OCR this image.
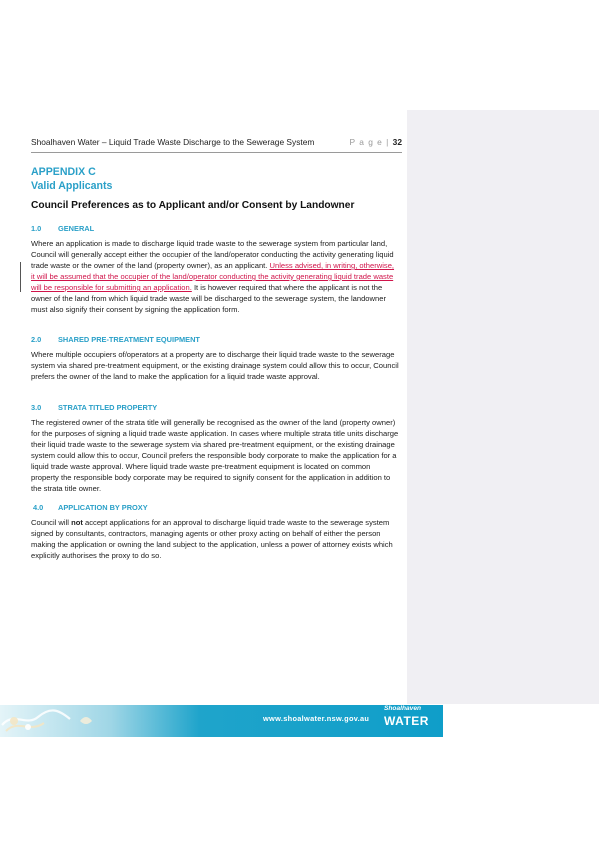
Shoalhaven Water – Liquid Trade Waste Discharge to the Sewerage System	P a g e | 32
APPENDIX C
Valid Applicants
Council Preferences as to Applicant and/or Consent by Landowner
1.0 GENERAL
Where an application is made to discharge liquid trade waste to the sewerage system from particular land, Council will generally accept either the occupier of the land/operator conducting the activity generating liquid trade waste or the owner of the land (property owner), as an applicant. Unless advised, in writing, otherwise, it will be assumed that the occupier of the land/operator conducting the activity generating liquid trade waste will be responsible for submitting an application. It is however required that where the applicant is not the owner of the land from which liquid trade waste will be discharged to the sewerage system, the landowner must also signify their consent by signing the application form.
2.0 SHARED PRE-TREATMENT EQUIPMENT
Where multiple occupiers of/operators at a property are to discharge their liquid trade waste to the sewerage system via shared pre-treatment equipment, or the existing drainage system could allow this to occur, Council prefers the owner of the land to make the application for a liquid trade waste approval.
3.0 STRATA TITLED PROPERTY
The registered owner of the strata title will generally be recognised as the owner of the land (property owner) for the purposes of signing a liquid trade waste application. In cases where multiple strata title units discharge their liquid trade waste to the sewerage system via shared pre-treatment equipment, or the existing drainage system could allow this to occur, Council prefers the responsible body corporate to make the application for a liquid trade waste approval. Where liquid trade waste pre-treatment equipment is located on common property the responsible body corporate may be required to signify consent for the application in addition to the strata title owner.
4.0 APPLICATION BY PROXY
Council will not accept applications for an approval to discharge liquid trade waste to the sewerage system signed by consultants, contractors, managing agents or other proxy acting on behalf of either the person making the application or owning the land subject to the application, unless a power of attorney exists which explicitly authorises the proxy to do so.
www.shoalwater.nsw.gov.au
Shoalhaven
WATER
